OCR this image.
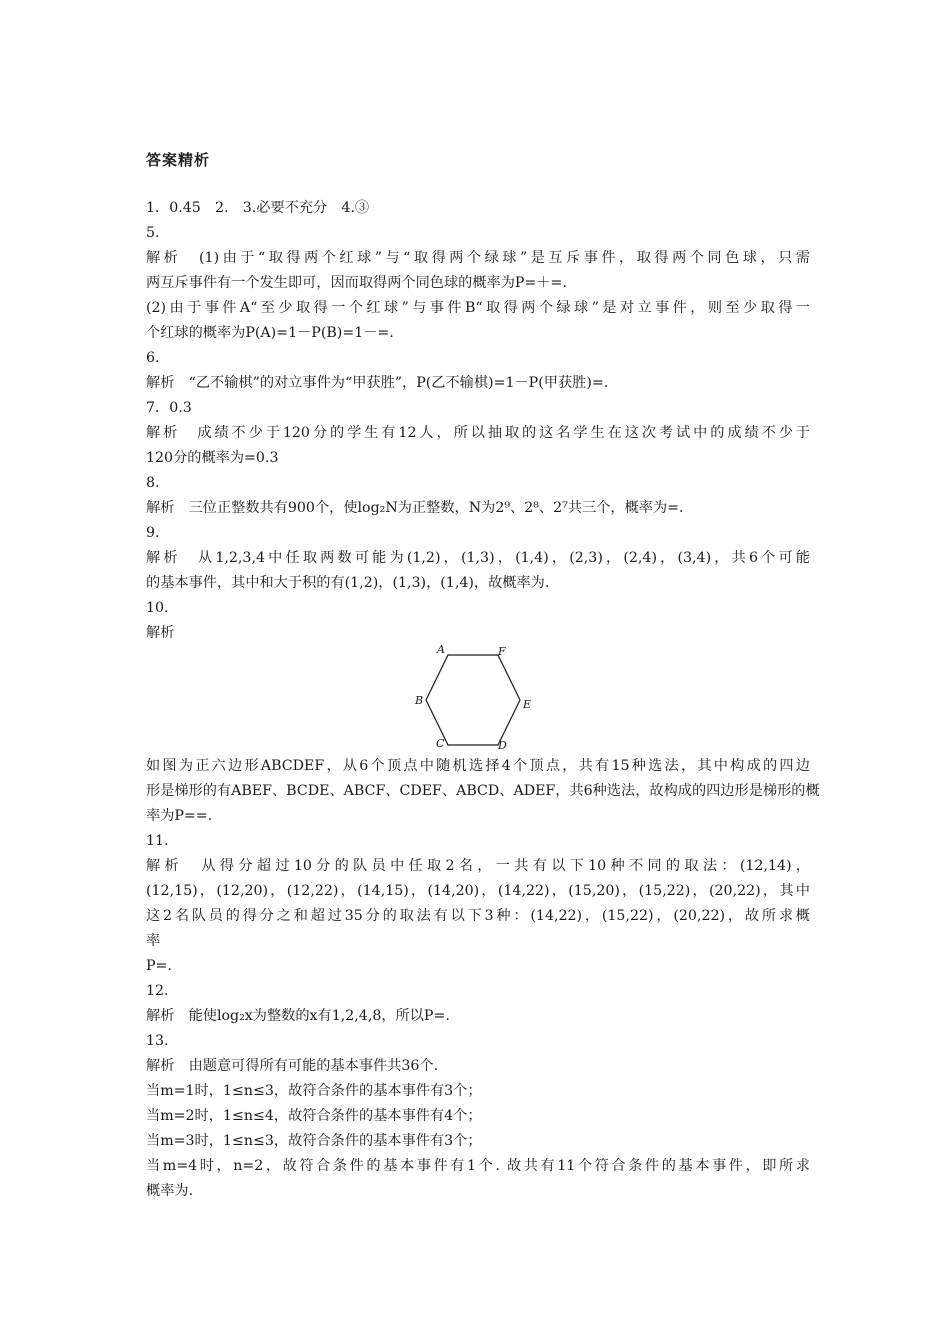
答案精析
1．0.45　2.　3.必要不充分　4.③
5.
解析　(1)由于“取得两个红球”与“取得两个绿球”是互斥事件，取得两个同色球，只需
两互斥事件有一个发生即可，因而取得两个同色球的概率为P=＋=.
(2)由于事件A“至少取得一个红球”与事件B“取得两个绿球”是对立事件，则至少取得一
个红球的概率为P(A)=1－P(B)=1－=.
6.
解析　“乙不输棋”的对立事件为“甲获胜”，P(乙不输棋)=1－P(甲获胜)=.
7．0.3
解析　成绩不少于120分的学生有12人，所以抽取的这名学生在这次考试中的成绩不少于
120分的概率为=0.3
8.
解析　三位正整数共有900个，使log₂N为正整数，N为2⁹、2⁸、2⁷共三个，概率为=.
9.
解析　从1,2,3,4中任取两数可能为(1,2)，(1,3)，(1,4)，(2,3)，(2,4)，(3,4)，共6个可能
的基本事件，其中和大于积的有(1,2)，(1,3)，(1,4)，故概率为.
10.
解析
A	F
B	E
C	D
如图为正六边形ABCDEF，从6个顶点中随机选择4个顶点，共有15种选法，其中构成的四边
形是梯形的有ABEF、BCDE、ABCF、CDEF、ABCD、ADEF，共6种选法，故构成的四边形是梯形的概
率为P==.
11.
解析　从得分超过10分的队员中任取2名，一共有以下10种不同的取法：(12,14)，
(12,15)，(12,20)，(12,22)，(14,15)，(14,20)，(14,22)，(15,20)，(15,22)，(20,22)，其中
这2名队员的得分之和超过35分的取法有以下3种：(14,22)，(15,22)，(20,22)，故所求概
率
P=.
12.
解析　能使log₂x为整数的x有1,2,4,8，所以P=.
13.
解析　由题意可得所有可能的基本事件共36个.
当m=1时，1≤n≤3，故符合条件的基本事件有3个；
当m=2时，1≤n≤4，故符合条件的基本事件有4个；
当m=3时，1≤n≤3，故符合条件的基本事件有3个；
当m=4时，n=2，故符合条件的基本事件有1个. 故共有11个符合条件的基本事件，即所求
概率为.
